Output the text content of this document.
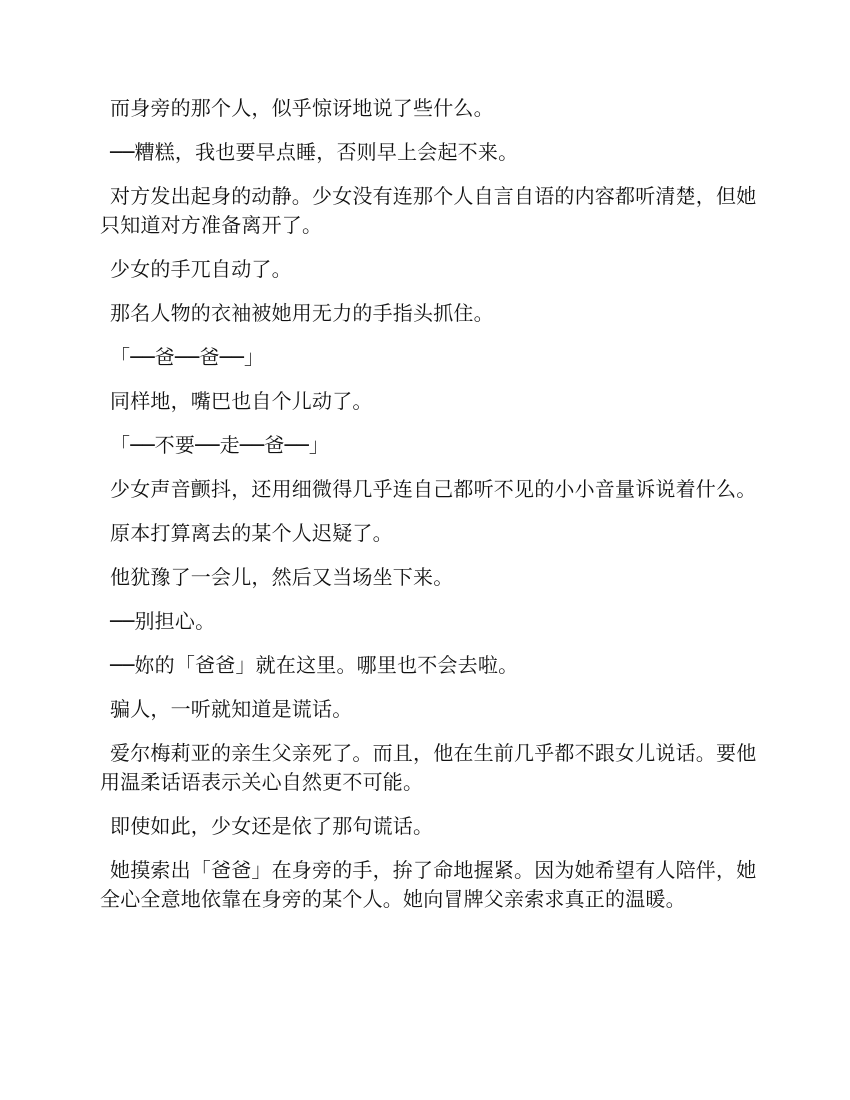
而身旁的那个人，似乎惊讶地说了些什么。

──糟糕，我也要早点睡，否则早上会起不来。

对方发出起身的动静。少女没有连那个人自言自语的内容都听清楚，但她只知道对方准备离开了。

少女的手兀自动了。

那名人物的衣袖被她用无力的手指头抓住。

「──爸──爸──」

同样地，嘴巴也自个儿动了。

「──不要──走──爸──」

少女声音颤抖，还用细微得几乎连自己都听不见的小小音量诉说着什么。

原本打算离去的某个人迟疑了。

他犹豫了一会儿，然后又当场坐下来。

──别担心。

──妳的「爸爸」就在这里。哪里也不会去啦。

骗人，一听就知道是谎话。

爱尔梅莉亚的亲生父亲死了。而且，他在生前几乎都不跟女儿说话。要他用温柔话语表示关心自然更不可能。

即使如此，少女还是依了那句谎话。

她摸索出「爸爸」在身旁的手，拚了命地握紧。因为她希望有人陪伴，她全心全意地依靠在身旁的某个人。她向冒牌父亲索求真正的温暖。
